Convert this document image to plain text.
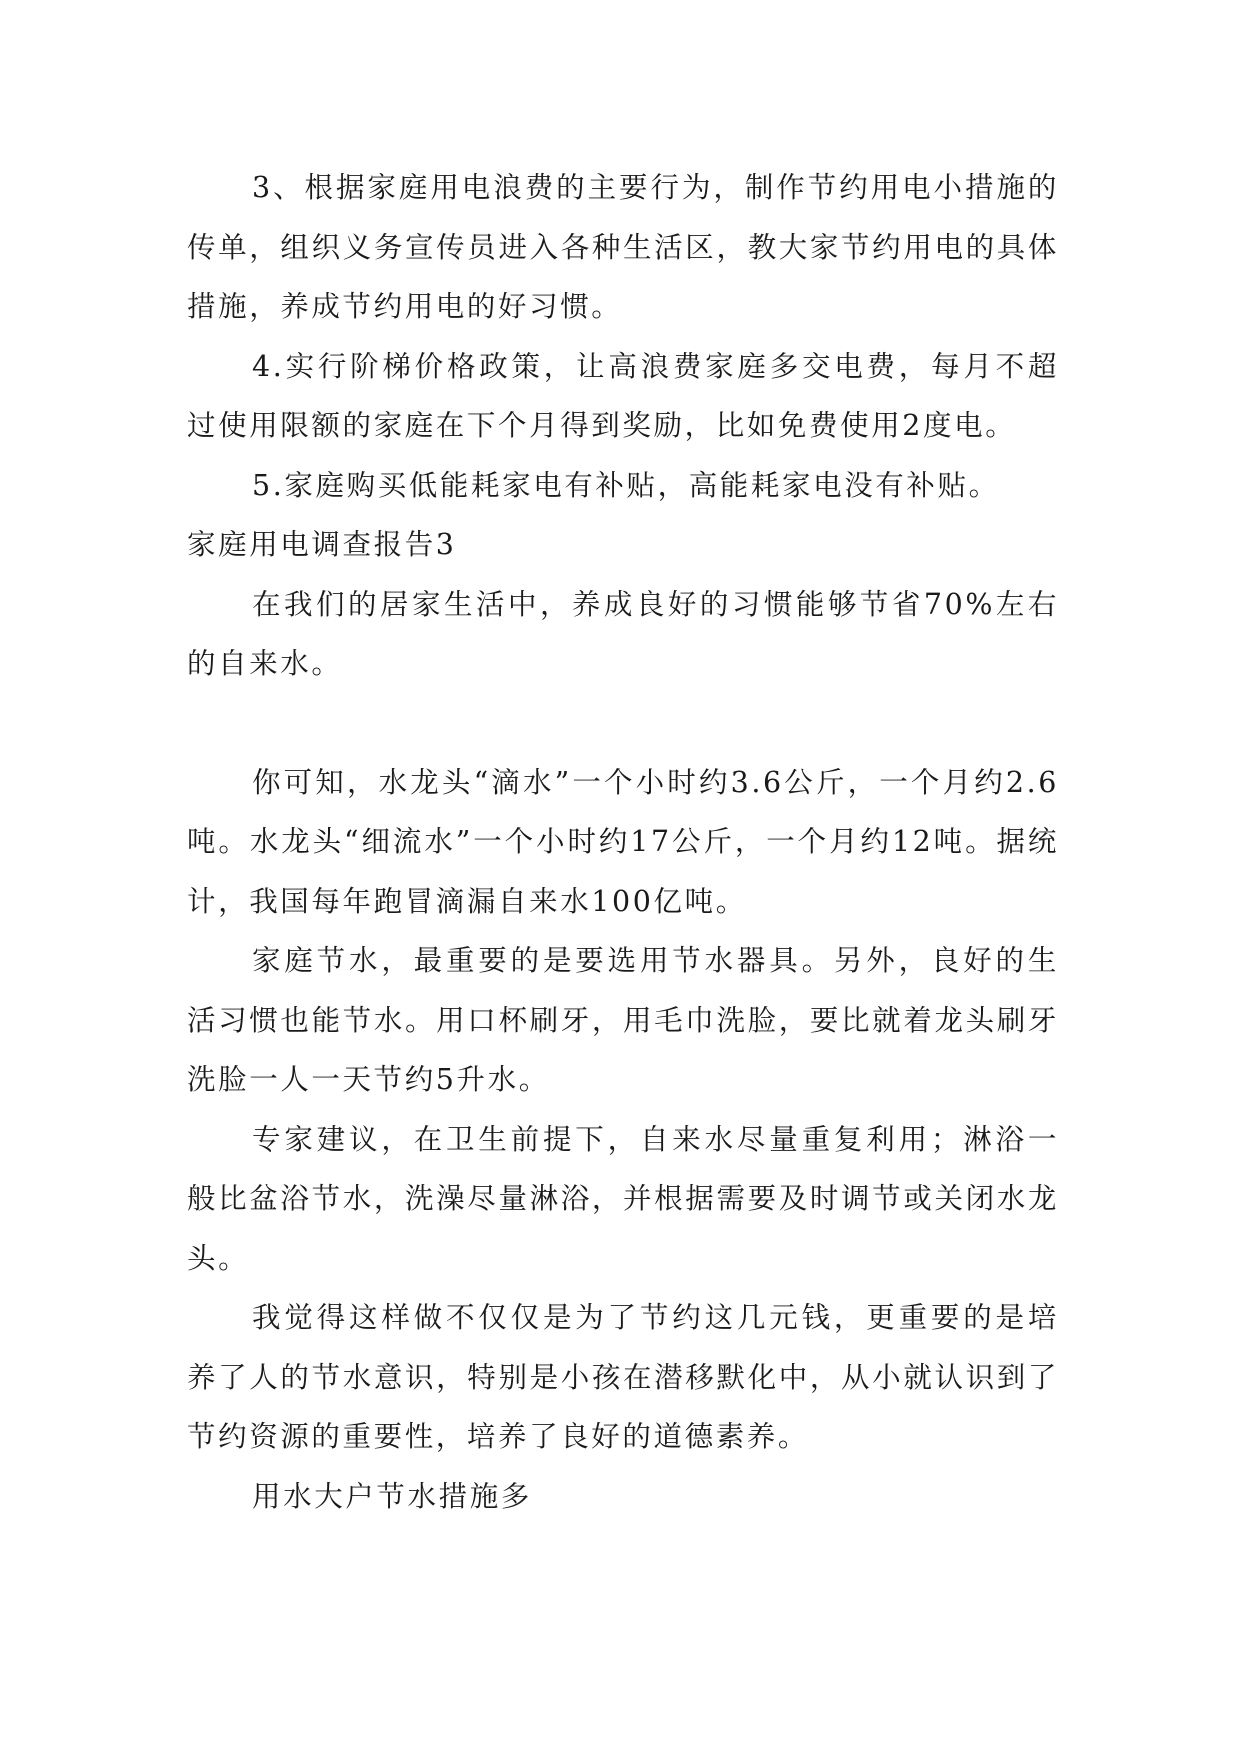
3、根据家庭用电浪费的主要行为，制作节约用电小措施的传单，组织义务宣传员进入各种生活区，教大家节约用电的具体措施，养成节约用电的好习惯。

4.实行阶梯价格政策，让高浪费家庭多交电费，每月不超过使用限额的家庭在下个月得到奖励，比如免费使用2度电。

5.家庭购买低能耗家电有补贴，高能耗家电没有补贴。

家庭用电调查报告3

在我们的居家生活中，养成良好的习惯能够节省70%左右的自来水。

你可知，水龙头“滴水”一个小时约3.6公斤，一个月约2.6吨。水龙头“细流水”一个小时约17公斤，一个月约12吨。据统计，我国每年跑冒滴漏自来水100亿吨。

家庭节水，最重要的是要选用节水器具。另外，良好的生活习惯也能节水。用口杯刷牙，用毛巾洗脸，要比就着龙头刷牙洗脸一人一天节约5升水。

专家建议，在卫生前提下，自来水尽量重复利用；淋浴一般比盆浴节水，洗澡尽量淋浴，并根据需要及时调节或关闭水龙头。

我觉得这样做不仅仅是为了节约这几元钱，更重要的是培养了人的节水意识，特别是小孩在潜移默化中，从小就认识到了节约资源的重要性，培养了良好的道德素养。

用水大户节水措施多
